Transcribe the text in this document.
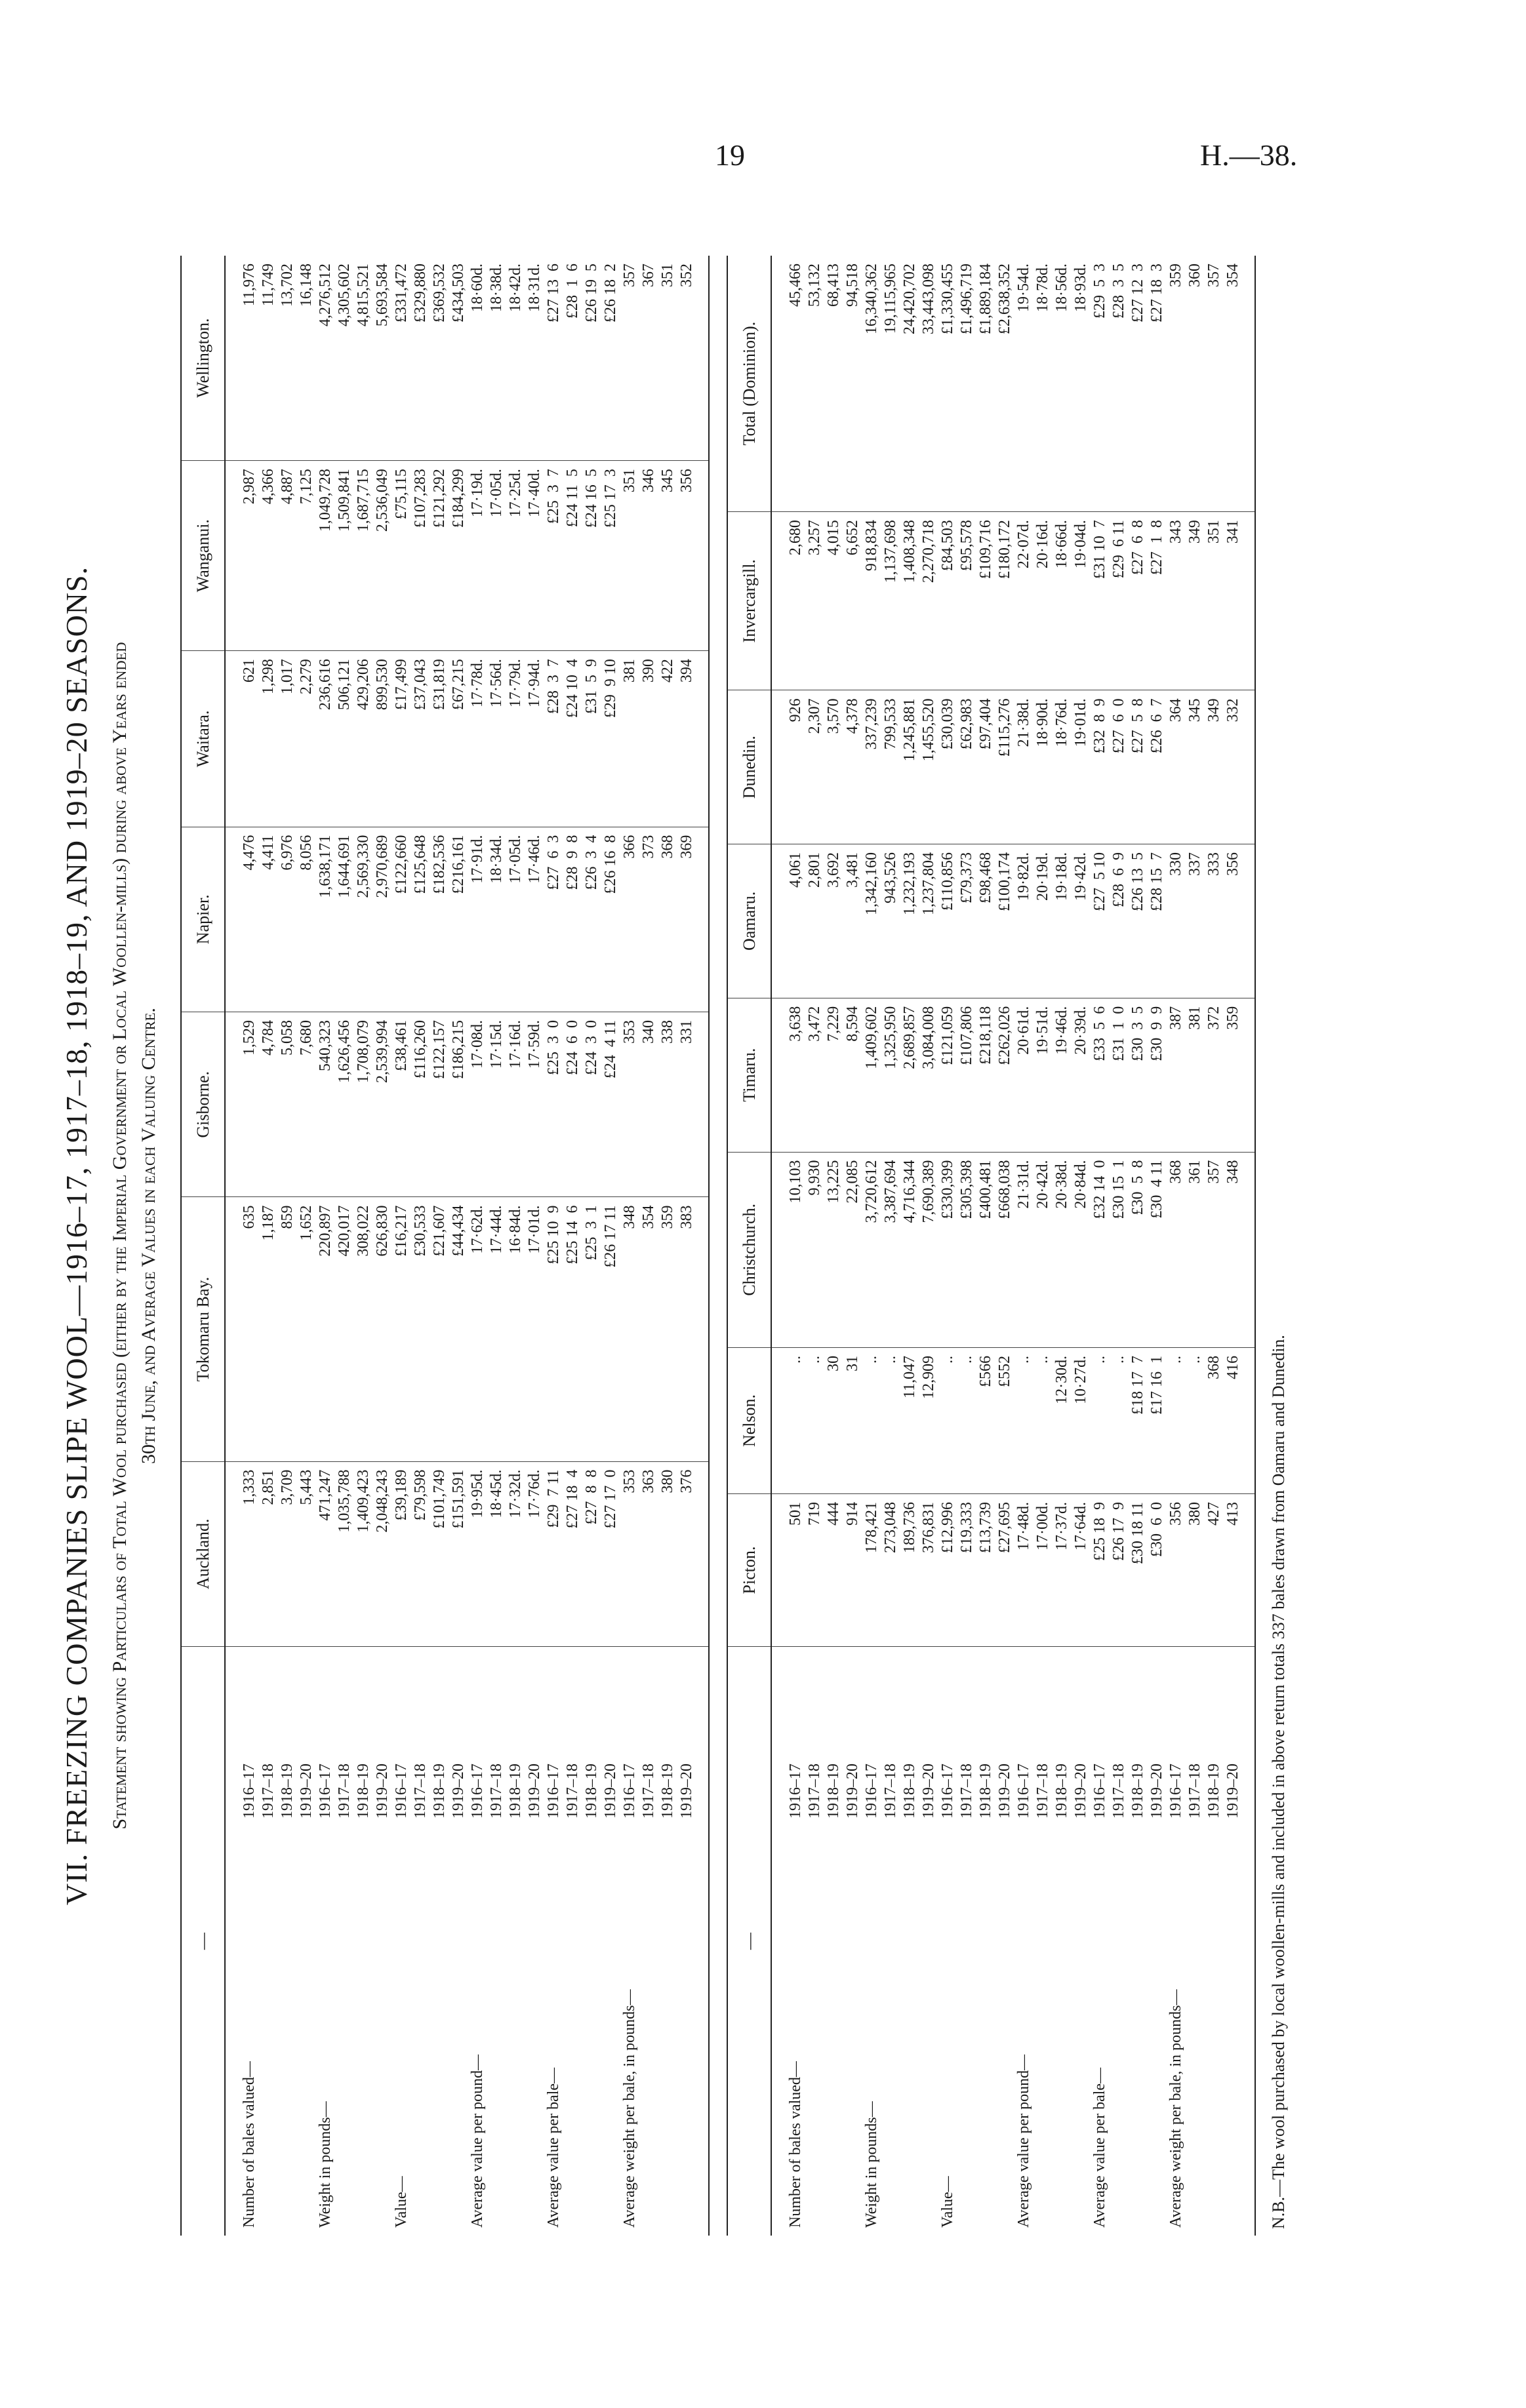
19	H.—38.
VII. FREEZING COMPANIES SLIPE WOOL—1916–17, 1917–18, 1918–19, AND 1919–20 SEASONS. Statement showing Particulars of Total Wool purchased (either by the Imperial Government or Local Woollen-mills) during above Years ended 30th June, and Average Values in each Valuing Centre.
—		Auckland.	Tokomaru Bay.	Gisborne.	Napier.	Waitara.	Wanganui.	Wellington.
Number of bales valued—	1916–17	1,333	635	1,529	4,476	621	2,987	11,976
	1917–18	2,851	1,187	4,784	4,411	1,298	4,366	11,749
	1918–19	3,709	859	5,058	6,976	1,017	4,887	13,702
	1919–20	5,443	1,652	7,680	8,056	2,279	7,125	16,148
Weight in pounds—	1916–17	471,247	220,897	540,323	1,638,171	236,616	1,049,728	4,276,512
	1917–18	1,035,788	420,017	1,626,456	1,644,691	506,121	1,509,841	4,305,602
	1918–19	1,409,423	308,022	1,708,079	2,569,330	429,206	1,687,715	4,815,521
	1919–20	2,048,243	626,830	2,539,994	2,970,689	899,530	2,536,049	5,693,584
Value—	1916–17	£39,189	£16,217	£38,461	£122,660	£17,499	£75,115	£331,472
	1917–18	£79,598	£30,533	£116,260	£125,648	£37,043	£107,283	£329,880
	1918–19	£101,749	£21,607	£122,157	£182,536	£31,819	£121,292	£369,532
	1919–20	£151,591	£44,434	£186,215	£216,161	£67,215	£184,299	£434,503
Average value per pound—	1916–17	19·95d.	17·62d.	17·08d.	17·91d.	17·78d.	17·19d.	18·60d.
	1917–18	18·45d.	17·44d.	17·15d.	18·34d.	17·56d.	17·05d.	18·38d.
	1918–19	17·32d.	16·84d.	17·16d.	17·05d.	17·79d.	17·25d.	18·42d.
	1919–20	17·76d.	17·01d.	17·59d.	17·46d.	17·94d.	17·40d.	18·31d.
Average value per bale—	1916–17	£29  7 11	£25 10  9	£25  3  0	£27  6  3	£28  3  7	£25  3  7	£27 13  6
	1917–18	£27 18  4	£25 14  6	£24  6  0	£28  9  8	£24 10  4	£24 11  5	£28  1  6
	1918–19	£27  8  8	£25  3  1	£24  3  0	£26  3  4	£31  5  9	£24 16  5	£26 19  5
	1919–20	£27 17  0	£26 17 11	£24  4 11	£26 16  8	£29  9 10	£25 17  3	£26 18  2
Average weight per bale, in pounds—	1916–17	353	348	353	366	381	351	357
	1917–18	363	354	340	373	390	346	367
	1918–19	380	359	338	368	422	345	351
	1919–20	376	383	331	369	394	356	352
—		Picton.	Nelson.	Christchurch.	Timaru.	Oamaru.	Dunedin.	Invercargill.	Total (Dominion).
Number of bales valued—	1916–17	501	..	10,103	3,638	4,061	926	2,680	45,466
	1917–18	719	..	9,930	3,472	2,801	2,307	3,257	53,132
	1918–19	444	30	13,225	7,229	3,692	3,570	4,015	68,413
	1919–20	914	31	22,085	8,594	3,481	4,378	6,652	94,518
Weight in pounds—	1916–17	178,421	..	3,720,612	1,409,602	1,342,160	337,239	918,834	16,340,362
	1917–18	273,048	..	3,387,694	1,325,950	943,526	799,533	1,137,698	19,115,965
	1918–19	189,736	11,047	4,716,344	2,689,857	1,232,193	1,245,881	1,408,348	24,420,702
	1919–20	376,831	12,909	7,690,389	3,084,008	1,237,804	1,455,520	2,270,718	33,443,098
Value—	1916–17	£12,996	..	£330,399	£121,059	£110,856	£30,039	£84,503	£1,330,455
	1917–18	£19,333	..	£305,398	£107,806	£79,373	£62,983	£95,578	£1,496,719
	1918–19	£13,739	£566	£400,481	£218,118	£98,468	£97,404	£109,716	£1,889,184
	1919–20	£27,695	£552	£668,038	£262,026	£100,174	£115,276	£180,172	£2,638,352
Average value per pound—	1916–17	17·48d.	..	21·31d.	20·61d.	19·82d.	21·38d.	22·07d.	19·54d.
	1917–18	17·00d.	..	20·42d.	19·51d.	20·19d.	18·90d.	20·16d.	18·78d.
	1918–19	17·37d.	12·30d.	20·38d.	19·46d.	19·18d.	18·76d.	18·66d.	18·56d.
	1919–20	17·64d.	10·27d.	20·84d.	20·39d.	19·42d.	19·01d.	19·04d.	18·93d.
Average value per bale—	1916–17	£25 18  9	..	£32 14  0	£33  5  6	£27  5 10	£32  8  9	£31 10  7	£29  5  3
	1917–18	£26 17  9	..	£30 15  1	£31  1  0	£28  6  9	£27  6  0	£29  6 11	£28  3  5
	1918–19	£30 18 11	£18 17  7	£30  5  8	£30  3  5	£26 13  5	£27  5  8	£27  6  8	£27 12  3
	1919–20	£30  6  0	£17 16  1	£30  4 11	£30  9  9	£28 15  7	£26  6  7	£27  1  8	£27 18  3
Average weight per bale, in pounds—	1916–17	356	..	368	387	330	364	343	359
	1917–18	380	..	361	381	337	345	349	360
	1918–19	427	368	357	372	333	349	351	357
	1919–20	413	416	348	359	356	332	341	354
N.B.—The wool purchased by local woollen-mills and included in above return totals 337 bales drawn from Oamaru and Dunedin.
